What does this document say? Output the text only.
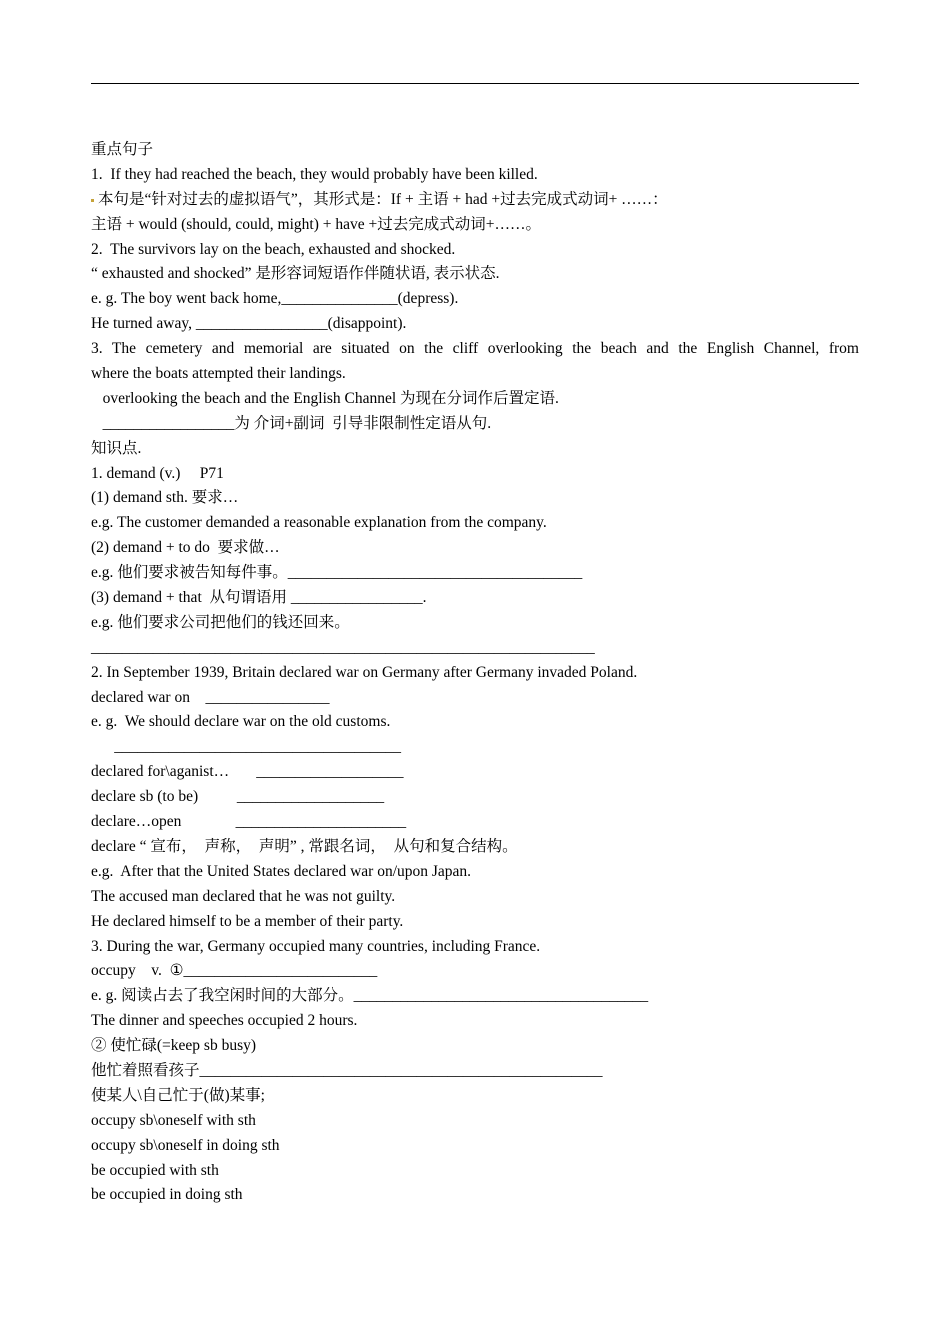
重点句子
1.  If they had reached the beach, they would probably have been killed.
本句是“针对过去的虚拟语气”，其形式是：If + 主语 + had +过去完成式动词+ ……：
主语 + would (should, could, might) + have +过去完成式动词+……。
2.  The survivors lay on the beach, exhausted and shocked.
“ exhausted and shocked” 是形容词短语作伴随状语, 表示状态.
e. g. The boy went back home,_______________(depress).
He turned away, _________________(disappoint).
3. The cemetery and memorial are situated on the cliff overlooking the beach and the English Channel, from
where the boats attempted their landings.
overlooking the beach and the English Channel 为现在分词作后置定语.
_________________为 介词+副词  引导非限制性定语从句.
知识点.
1. demand (v.)     P71
(1) demand sth. 要求…
e.g. The customer demanded a reasonable explanation from the company.
(2) demand + to do  要求做…
e.g. 他们要求被告知每件事。______________________________________
(3) demand + that  从句谓语用 _________________.
e.g. 他们要求公司把他们的钱还回来。
_________________________________________________________________
2. In September 1939, Britain declared war on Germany after Germany invaded Poland.
declared war on    ________________
e. g.  We should declare war on the old customs.
_____________________________________
declared for\aganist…       ___________________
declare sb (to be)          ___________________
declare…open              ______________________
declare “ 宣布，  声称，  声明” , 常跟名词，  从句和复合结构。
e.g.  After that the United States declared war on/upon Japan.
The accused man declared that he was not guilty.
He declared himself to be a member of their party.
3. During the war, Germany occupied many countries, including France.
occupy    v.  ①_________________________
e. g. 阅读占去了我空闲时间的大部分。______________________________________
The dinner and speeches occupied 2 hours.
② 使忙碌(=keep sb busy)
他忙着照看孩子____________________________________________________
使某人\自己忙于(做)某事;
occupy sb\oneself with sth
occupy sb\oneself in doing sth
be occupied with sth
be occupied in doing sth
